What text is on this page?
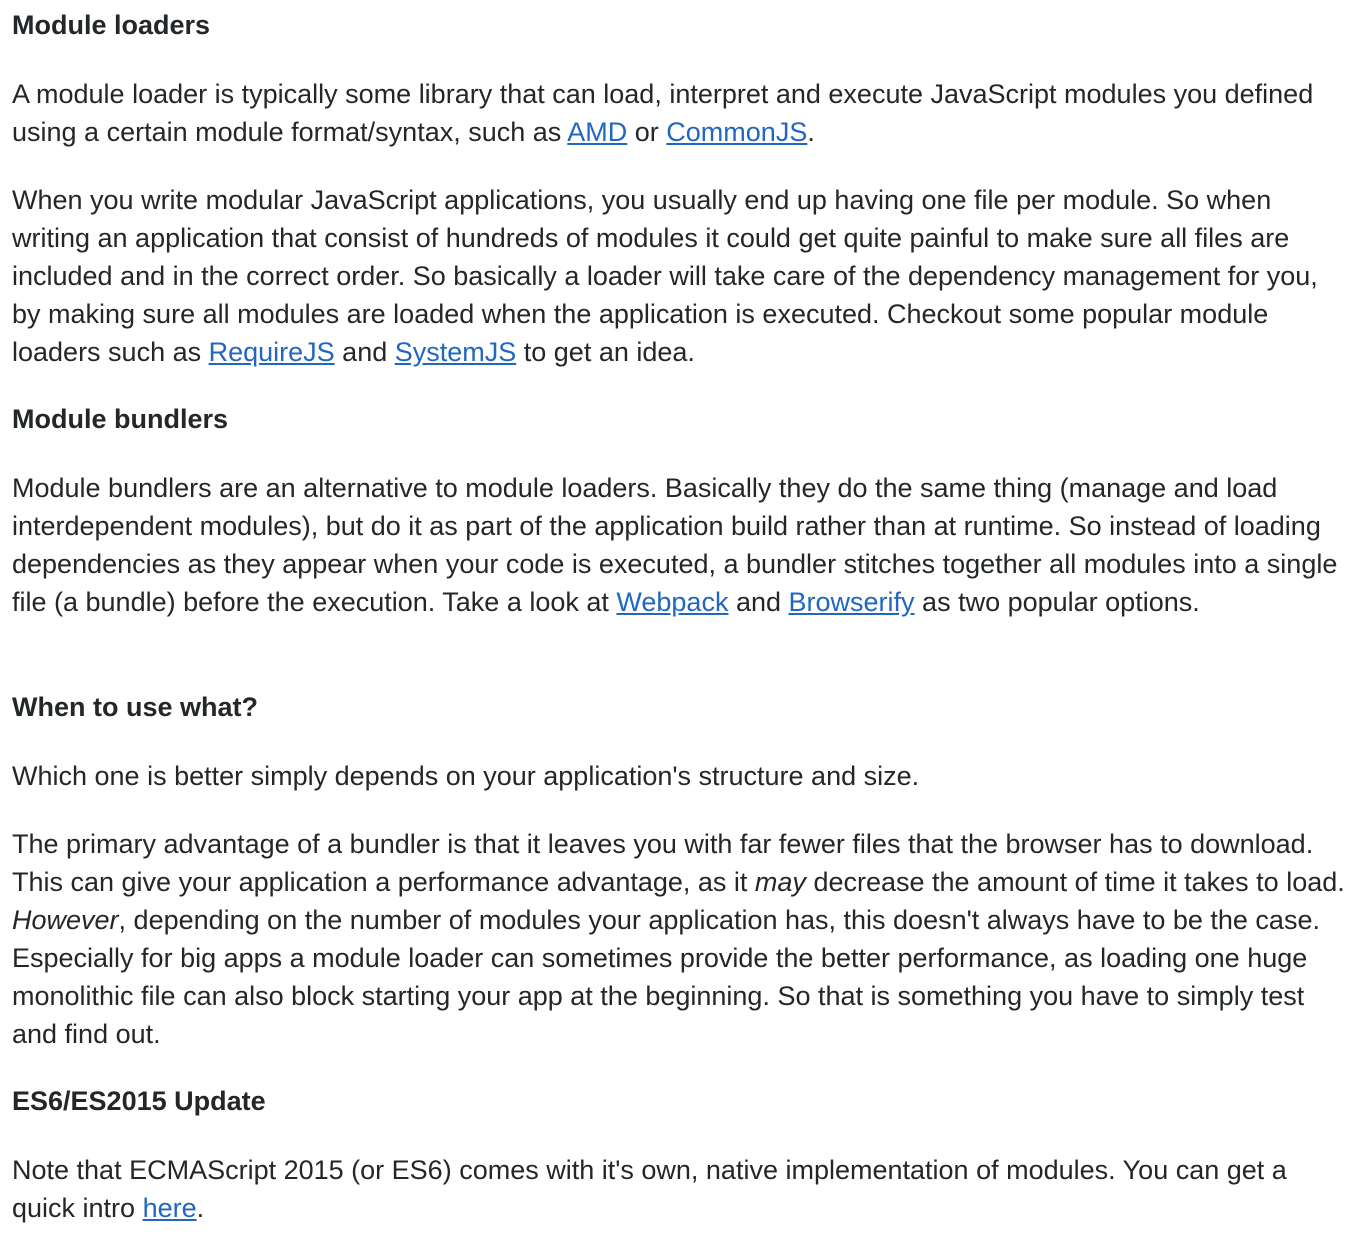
Module loaders

A module loader is typically some library that can load, interpret and execute JavaScript modules you defined using a certain module format/syntax, such as AMD or CommonJS.

When you write modular JavaScript applications, you usually end up having one file per module. So when writing an application that consist of hundreds of modules it could get quite painful to make sure all files are included and in the correct order. So basically a loader will take care of the dependency management for you, by making sure all modules are loaded when the application is executed. Checkout some popular module loaders such as RequireJS and SystemJS to get an idea.

Module bundlers

Module bundlers are an alternative to module loaders. Basically they do the same thing (manage and load interdependent modules), but do it as part of the application build rather than at runtime. So instead of loading dependencies as they appear when your code is executed, a bundler stitches together all modules into a single file (a bundle) before the execution. Take a look at Webpack and Browserify as two popular options.

When to use what?

Which one is better simply depends on your application's structure and size.

The primary advantage of a bundler is that it leaves you with far fewer files that the browser has to download. This can give your application a performance advantage, as it may decrease the amount of time it takes to load. However, depending on the number of modules your application has, this doesn't always have to be the case. Especially for big apps a module loader can sometimes provide the better performance, as loading one huge monolithic file can also block starting your app at the beginning. So that is something you have to simply test and find out.

ES6/ES2015 Update

Note that ECMAScript 2015 (or ES6) comes with it's own, native implementation of modules. You can get a quick intro here.
